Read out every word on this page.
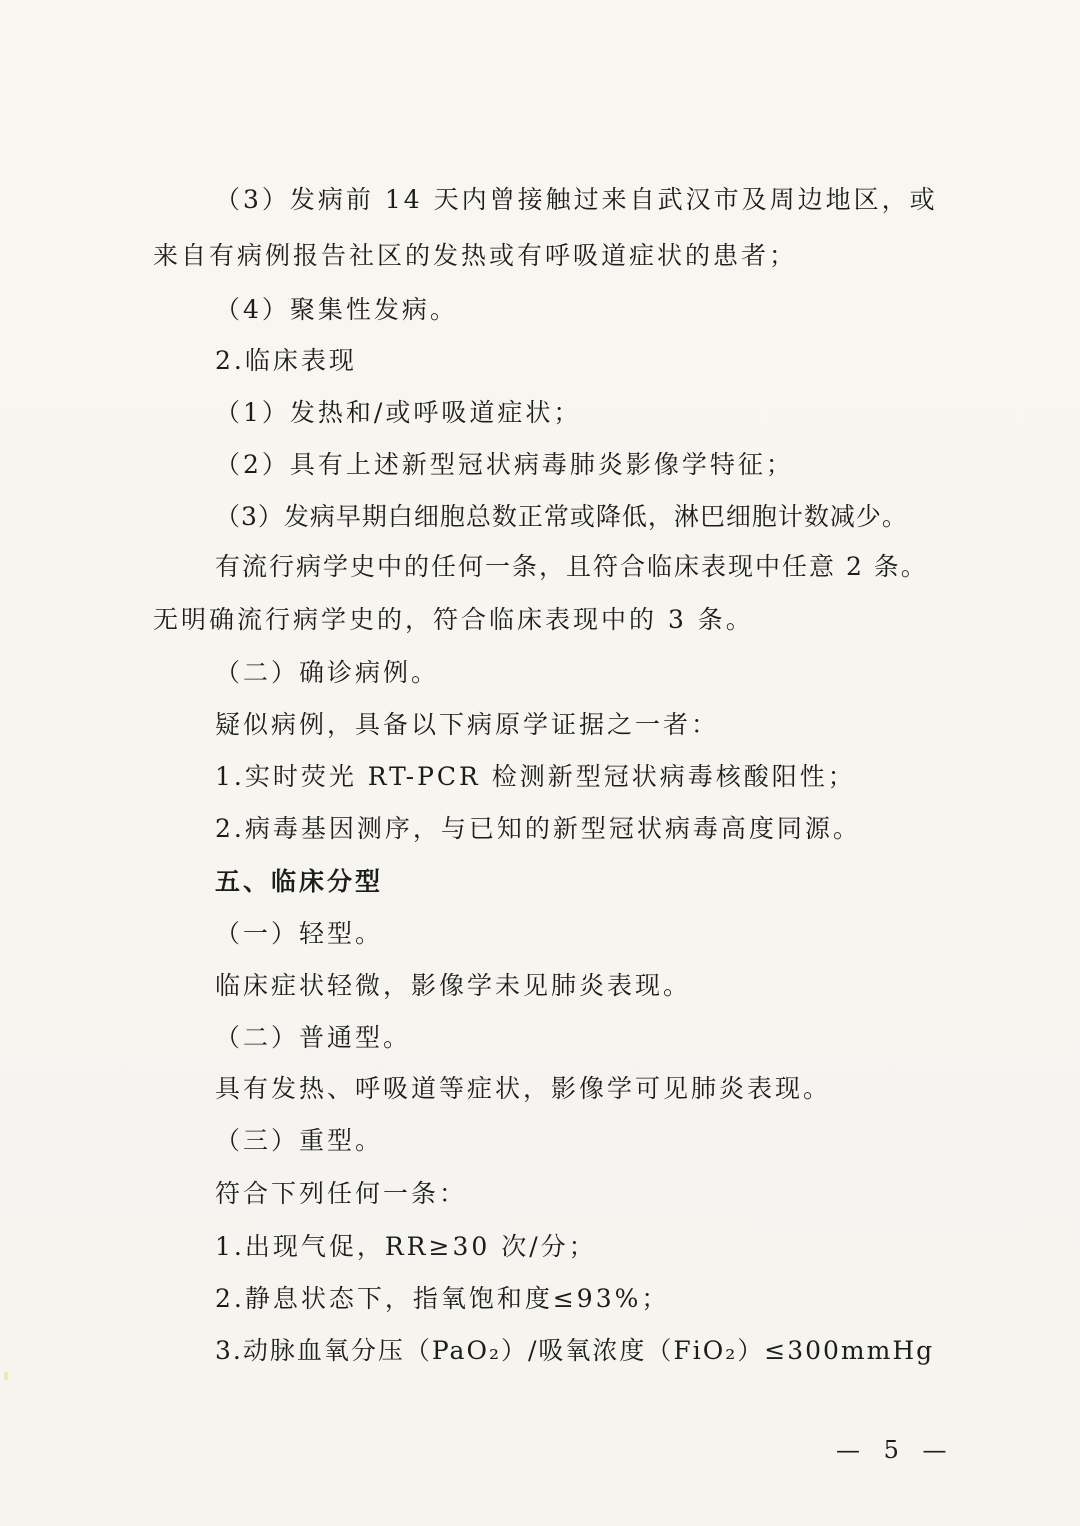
（3）发病前 14 天内曾接触过来自武汉市及周边地区，或
来自有病例报告社区的发热或有呼吸道症状的患者；
（4）聚集性发病。
2.临床表现
（1）发热和/或呼吸道症状；
（2）具有上述新型冠状病毒肺炎影像学特征；
（3）发病早期白细胞总数正常或降低，淋巴细胞计数减少。
有流行病学史中的任何一条，且符合临床表现中任意 2 条。
无明确流行病学史的，符合临床表现中的 3 条。
（二）确诊病例。
疑似病例，具备以下病原学证据之一者：
1.实时荧光 RT-PCR 检测新型冠状病毒核酸阳性；
2.病毒基因测序，与已知的新型冠状病毒高度同源。
五、临床分型
（一）轻型。
临床症状轻微，影像学未见肺炎表现。
（二）普通型。
具有发热、呼吸道等症状，影像学可见肺炎表现。
（三）重型。
符合下列任何一条：
1.出现气促，RR≥30 次/分；
2.静息状态下，指氧饱和度≤93%；
3.动脉血氧分压（PaO₂）/吸氧浓度（FiO₂）≤300mmHg
— 5 —
